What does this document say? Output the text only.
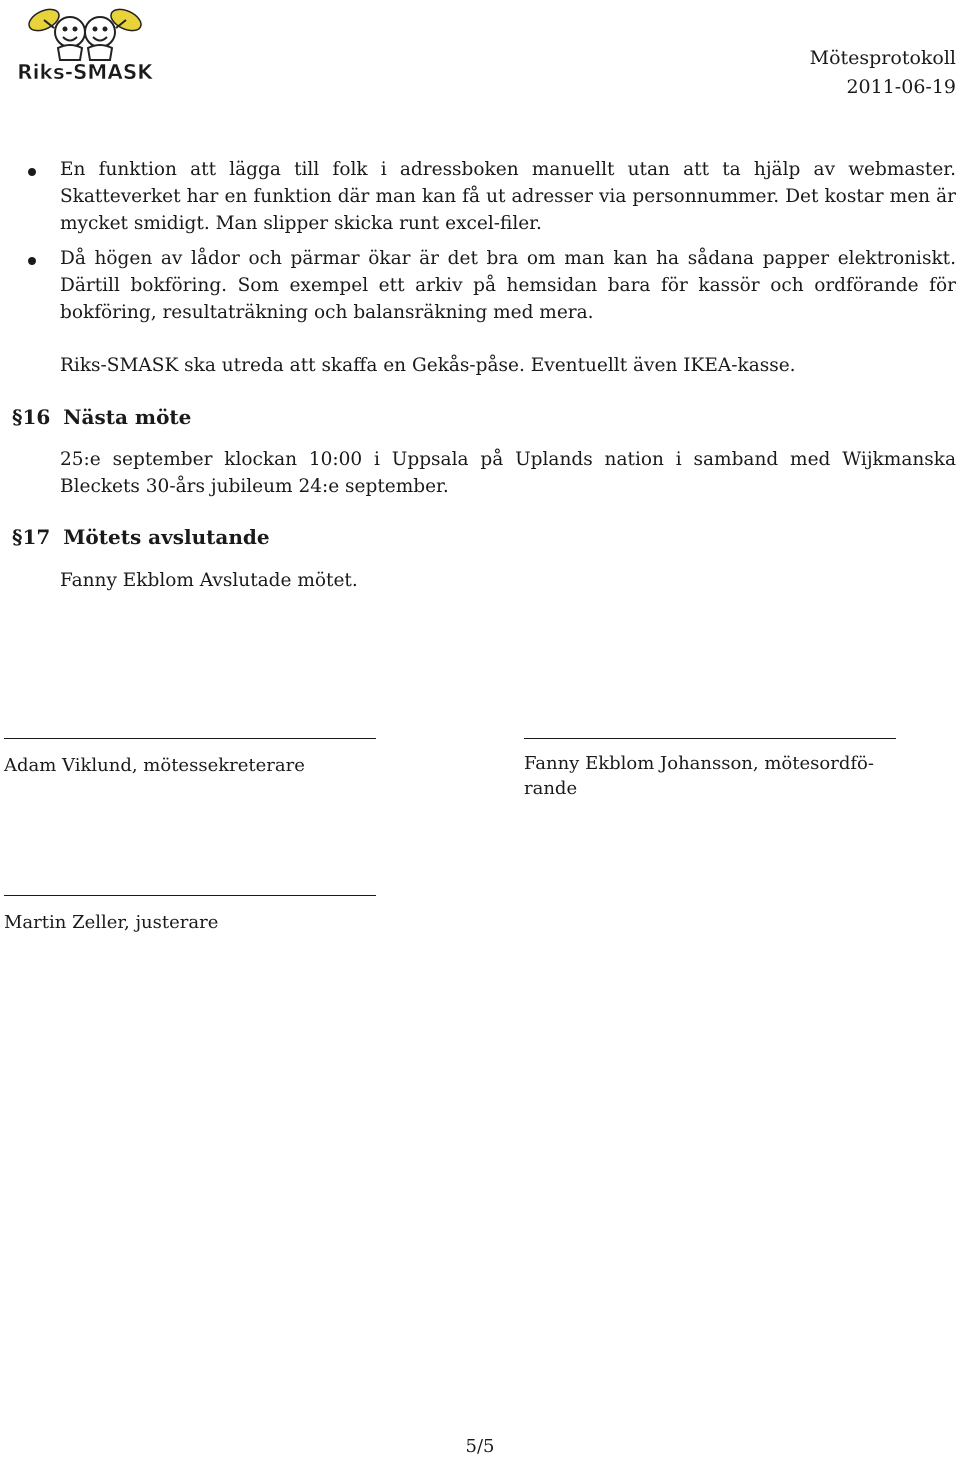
Riks-SMASK
Mötesprotokoll
2011-06-19
En funktion att lägga till folk i adressboken manuellt utan att ta hjälp av webmaster. Skatteverket har en funktion där man kan få ut adresser via personnummer. Det kostar men är mycket smidigt. Man slipper skicka runt excel-filer.
Då högen av lådor och pärmar ökar är det bra om man kan ha sådana papper elektroniskt. Därtill bokföring. Som exempel ett arkiv på hemsidan bara för kassör och ordförande för bokföring, resultaträkning och balansräkning med mera.

Riks-SMASK ska utreda att skaffa en Gekås-påse. Eventuellt även IKEA-kasse.

§16 Nästa möte

25:e september klockan 10:00 i Uppsala på Uplands nation i samband med Wijkmanska Bleckets 30-års jubileum 24:e september.

§17 Mötets avslutande

Fanny Ekblom Avslutade mötet.

Adam Viklund, mötessekreterare	Fanny Ekblom Johansson, mötesordfö-
rande
Martin Zeller, justerare
5/5
